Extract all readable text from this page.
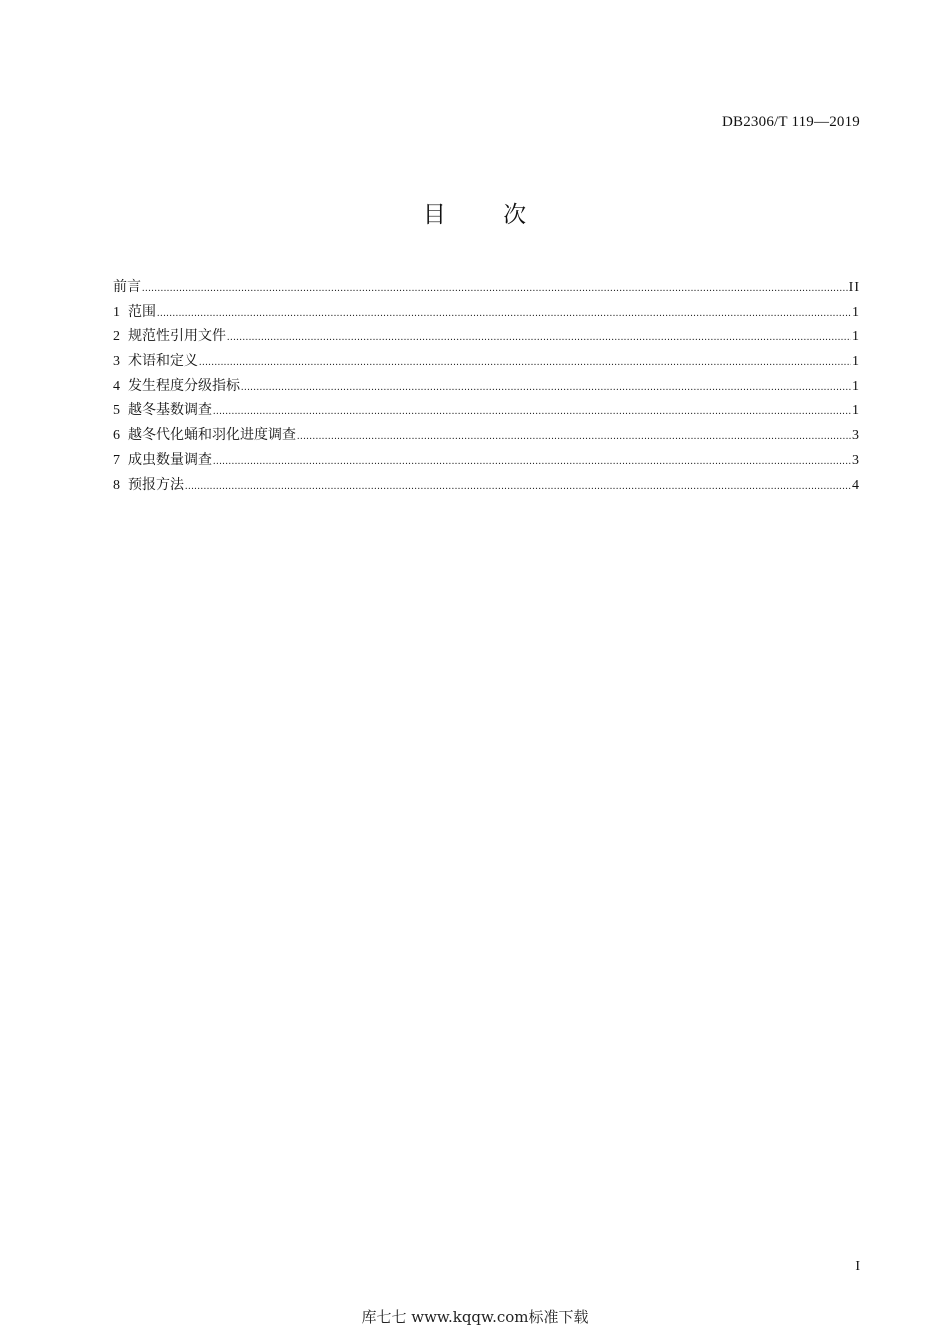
DB2306/T 119—2019
目 次
前言 .....	II
1 范围 .....	1
2 规范性引用文件 .....	1
3 术语和定义 .....	1
4 发生程度分级指标 .....	1
5 越冬基数调查 .....	1
6 越冬代化蛹和羽化进度调查 .....	3
7 成虫数量调查 .....	3
8 预报方法 .....	4
I
库七七 www.kqqw.com标准下载
